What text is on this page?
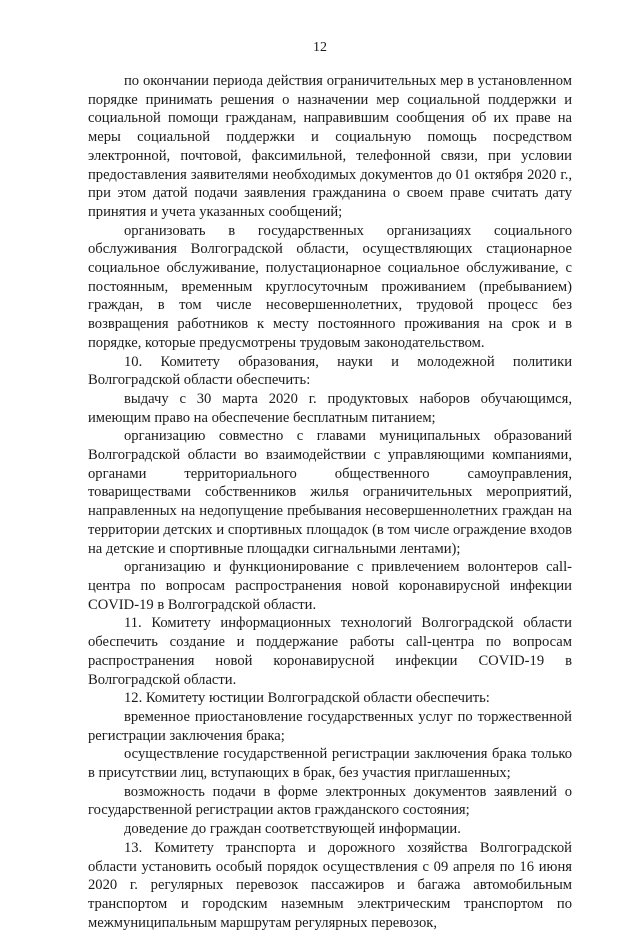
12

по окончании периода действия ограничительных мер в установленном порядке принимать решения о назначении мер социальной поддержки и социальной помощи гражданам, направившим сообщения об их праве на меры социальной поддержки и социальную помощь посредством электронной, почтовой, факсимильной, телефонной связи, при условии предоставления заявителями необходимых документов до 01 октября 2020 г., при этом датой подачи заявления гражданина о своем праве считать дату принятия и учета указанных сообщений;

организовать в государственных организациях социального обслуживания Волгоградской области, осуществляющих стационарное социальное обслуживание, полустационарное социальное обслуживание, с постоянным, временным круглосуточным проживанием (пребыванием) граждан, в том числе несовершеннолетних, трудовой процесс без возвращения работников к месту постоянного проживания на срок и в порядке, которые предусмотрены трудовым законодательством.

10. Комитету образования, науки и молодежной политики Волгоградской области обеспечить:

выдачу с 30 марта 2020 г. продуктовых наборов обучающимся, имеющим право на обеспечение бесплатным питанием;

организацию совместно с главами муниципальных образований Волгоградской области во взаимодействии с управляющими компаниями, органами территориального общественного самоуправления, товариществами собственников жилья ограничительных мероприятий, направленных на недопущение пребывания несовершеннолетних граждан на территории детских и спортивных площадок (в том числе ограждение входов на детские и спортивные площадки сигнальными лентами);

организацию и функционирование с привлечением волонтеров call-центра по вопросам распространения новой коронавирусной инфекции COVID-19 в Волгоградской области.

11. Комитету информационных технологий Волгоградской области обеспечить создание и поддержание работы call-центра по вопросам распространения новой коронавирусной инфекции COVID-19 в Волгоградской области.

12. Комитету юстиции Волгоградской области обеспечить:

временное приостановление государственных услуг по торжественной регистрации заключения брака;

осуществление государственной регистрации заключения брака только в присутствии лиц, вступающих в брак, без участия приглашенных;

возможность подачи в форме электронных документов заявлений о государственной регистрации актов гражданского состояния;

доведение до граждан соответствующей информации.

13. Комитету транспорта и дорожного хозяйства Волгоградской области установить особый порядок осуществления с 09 апреля по 16 июня 2020 г. регулярных перевозок пассажиров и багажа автомобильным транспортом и городским наземным электрическим транспортом по межмуниципальным маршрутам регулярных перевозок,
